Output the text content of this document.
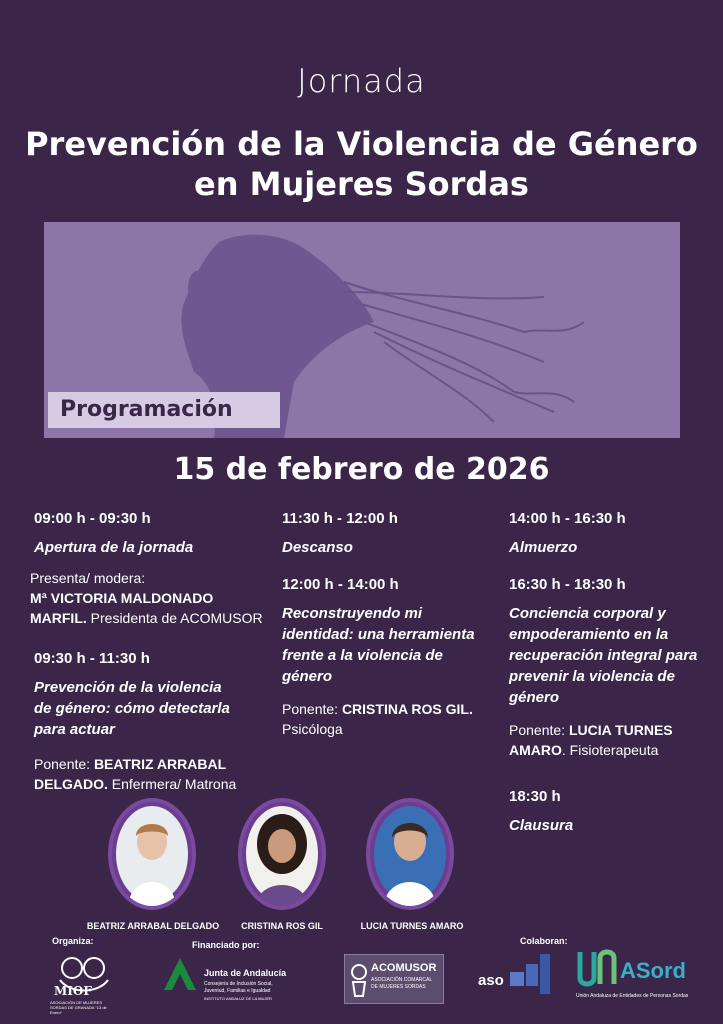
Jornada
Prevención de la Violencia de Género
en Mujeres Sordas
Programación
15 de febrero de 2026
09:00 h - 09:30 h
Apertura de la jornada
Presenta/ modera:
Mª VICTORIA MALDONADO MARFIL. Presidenta de ACOMUSOR
09:30 h - 11:30 h
Prevención de la violencia de género: cómo detectarla para actuar
Ponente: BEATRIZ ARRABAL DELGADO. Enfermera/ Matrona
11:30 h - 12:00 h
Descanso
12:00 h - 14:00 h
Reconstruyendo mi identidad: una herramienta frente a la violencia de género
Ponente: CRISTINA ROS GIL.
Psicóloga
14:00 h - 16:30 h
Almuerzo
16:30 h - 18:30 h
Conciencia corporal y empoderamiento en la recuperación integral para prevenir la violencia de género
Ponente: LUCIA TURNES AMARO. Fisioterapeuta
18:30 h
Clausura
BEATRIZ ARRABAL DELGADO	CRISTINA ROS GIL	LUCIA TURNES AMARO
Organiza:	Financiado por:	Colaboran:
MIOF
ASOCIACIÓN DE MUJERES SORDAS DE GRANADA "13 de Enero"
Junta de Andalucía
Consejería de Inclusión Social,
Juventud, Familias e Igualdad
INSTITUTO ANDALUZ DE LA MUJER
ACOMUSOR
ASOCIACIÓN COMARCAL
DE MUJERES SORDAS	aso	ASord
Unión Andaluza de Entidades de Personas Sordas
